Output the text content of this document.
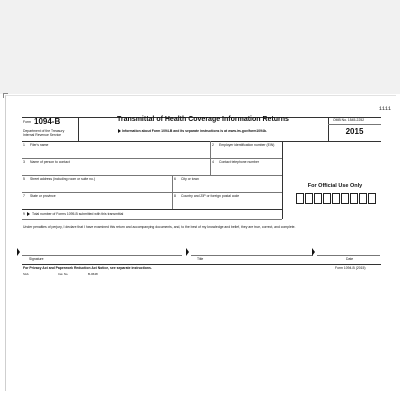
1111
Form 1094-B
Department of the Treasury
Internal Revenue Service
Transmittal of Health Coverage Information Returns
Information about Form 1094-B and its separate instructions is at www.irs.gov/form1094b.
OMB No. 1545-2252
2015
1 Filer's name	2 Employer identification number (EIN)
3 Name of person to contact	4 Contact telephone number
5 Street address (including room or suite no.)	6 City or town
7 State or province	8 Country and ZIP or foreign postal code
9 Total number of Forms 1095-B submitted with this transmittal
For Official Use Only
Under penalties of perjury, I declare that I have examined this return and accompanying documents, and, to the best of my knowledge and belief, they are true, correct, and complete.
Signature	Title	Date
For Privacy Act and Paperwork Reduction Act Notice, see separate instructions.	Form 1094-B (2015)
SAA	Cat. No.	B-0648
